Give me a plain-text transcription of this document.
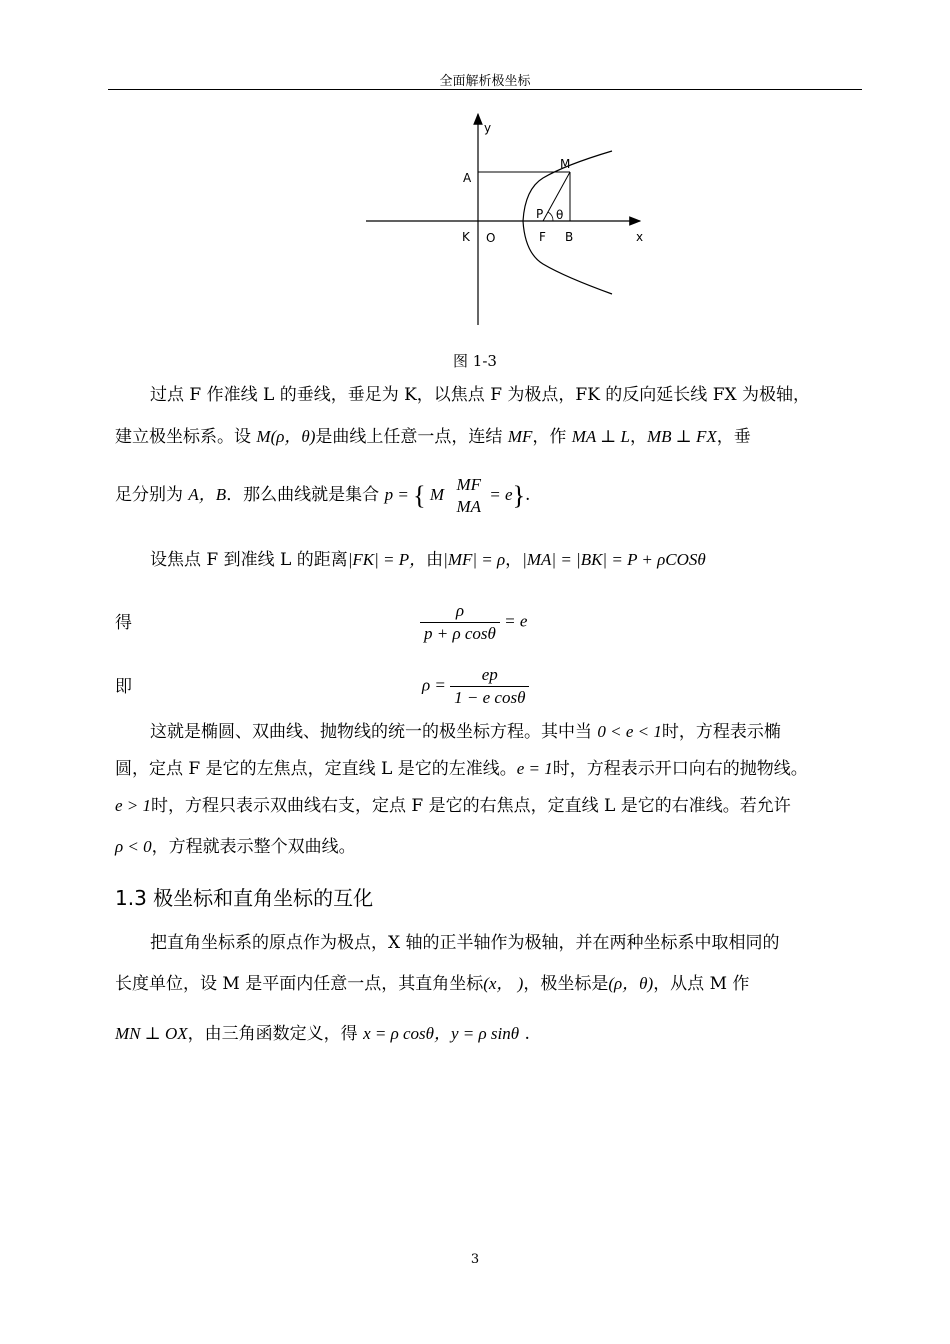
全面解析极坐标
y
M
A
P θ
K O	F B	x
图 1-3
过点 F 作准线 L 的垂线，垂足为 K，以焦点 F 为极点，FK 的反向延长线 FX 为极轴，
建立极坐标系。设 M(ρ，θ)是曲线上任意一点，连结 MF，作 MA ⊥ L，MB ⊥ FX，垂
足分别为 A，B．那么曲线就是集合 p = { M
MF
MA
= e}.
设焦点 F 到准线 L 的距离|FK| = P，由|MF| = ρ，|MA| = |BK| = P + ρCOSθ
得	$\frac{\rho}{\text{p + ρ cosθ}} = e$
即	$\rho = \frac{ep}{\text{1 − e cosθ}}$
这就是椭圆、双曲线、抛物线的统一的极坐标方程。其中当 0 < e < 1时，方程表示椭
圆，定点 F 是它的左焦点，定直线 L 是它的左准线。e = 1时，方程表示开口向右的抛物线。
e > 1时，方程只表示双曲线右支，定点 F 是它的右焦点，定直线 L 是它的右准线。若允许
ρ < 0，方程就表示整个双曲线。
1.3 极坐标和直角坐标的互化
把直角坐标系的原点作为极点，X 轴的正半轴作为极轴，并在两种坐标系中取相同的
长度单位，设 M 是平面内任意一点，其直角坐标(x， )，极坐标是(ρ，θ)，从点 M 作
MN ⊥ OX，由三角函数定义，得 x = ρ cosθ，y = ρ sinθ .
3
